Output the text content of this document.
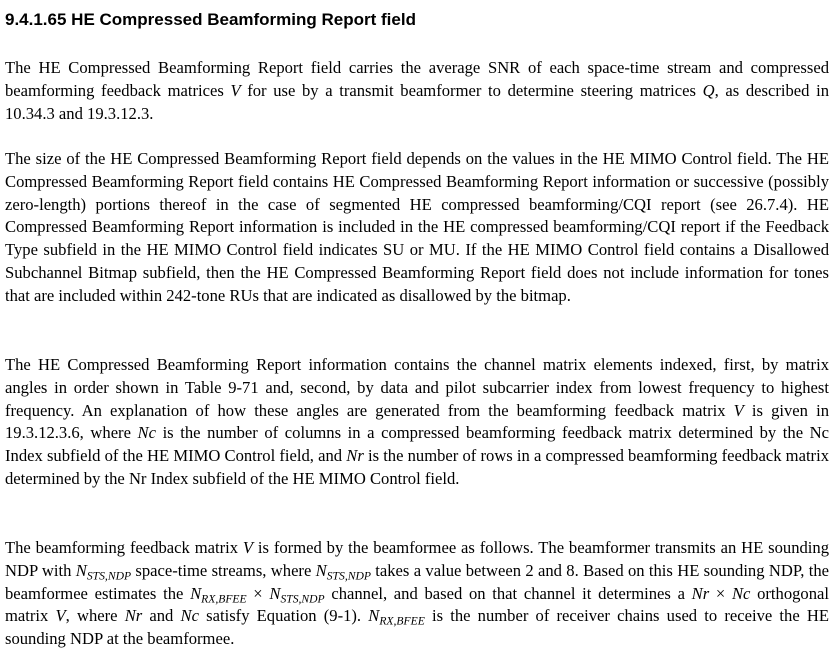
9.4.1.65 HE Compressed Beamforming Report field

The HE Compressed Beamforming Report field carries the average SNR of each space-time stream and compressed beamforming feedback matrices V for use by a transmit beamformer to determine steering matrices Q, as described in 10.34.3 and 19.3.12.3.

The size of the HE Compressed Beamforming Report field depends on the values in the HE MIMO Control field. The HE Compressed Beamforming Report field contains HE Compressed Beamforming Report information or successive (possibly zero-length) portions thereof in the case of segmented HE compressed beamforming/CQI report (see 26.7.4). HE Compressed Beamforming Report information is included in the HE compressed beamforming/CQI report if the Feedback Type subfield in the HE MIMO Control field indicates SU or MU. If the HE MIMO Control field contains a Disallowed Subchannel Bitmap subfield, then the HE Compressed Beamforming Report field does not include information for tones that are included within 242-tone RUs that are indicated as disallowed by the bitmap.

The HE Compressed Beamforming Report information contains the channel matrix elements indexed, first, by matrix angles in order shown in Table 9-71 and, second, by data and pilot subcarrier index from lowest frequency to highest frequency. An explanation of how these angles are generated from the beamforming feedback matrix V is given in 19.3.12.3.6, where Nc is the number of columns in a compressed beamforming feedback matrix determined by the Nc Index subfield of the HE MIMO Control field, and Nr is the number of rows in a compressed beamforming feedback matrix determined by the Nr Index subfield of the HE MIMO Control field.

The beamforming feedback matrix V is formed by the beamformee as follows. The beamformer transmits an HE sounding NDP with $N_{STS,NDP}$ space-time streams, where $N_{STS,NDP}$ takes a value between 2 and 8. Based on this HE sounding NDP, the beamformee estimates the $N_{RX,BFEE} \times N_{STS,NDP}$ channel, and based on that channel it determines a Nr × Nc orthogonal matrix V, where Nr and Nc satisfy Equation (9-1). $N_{RX,BFEE}$ is the number of receiver chains used to receive the HE sounding NDP at the beamformee.
